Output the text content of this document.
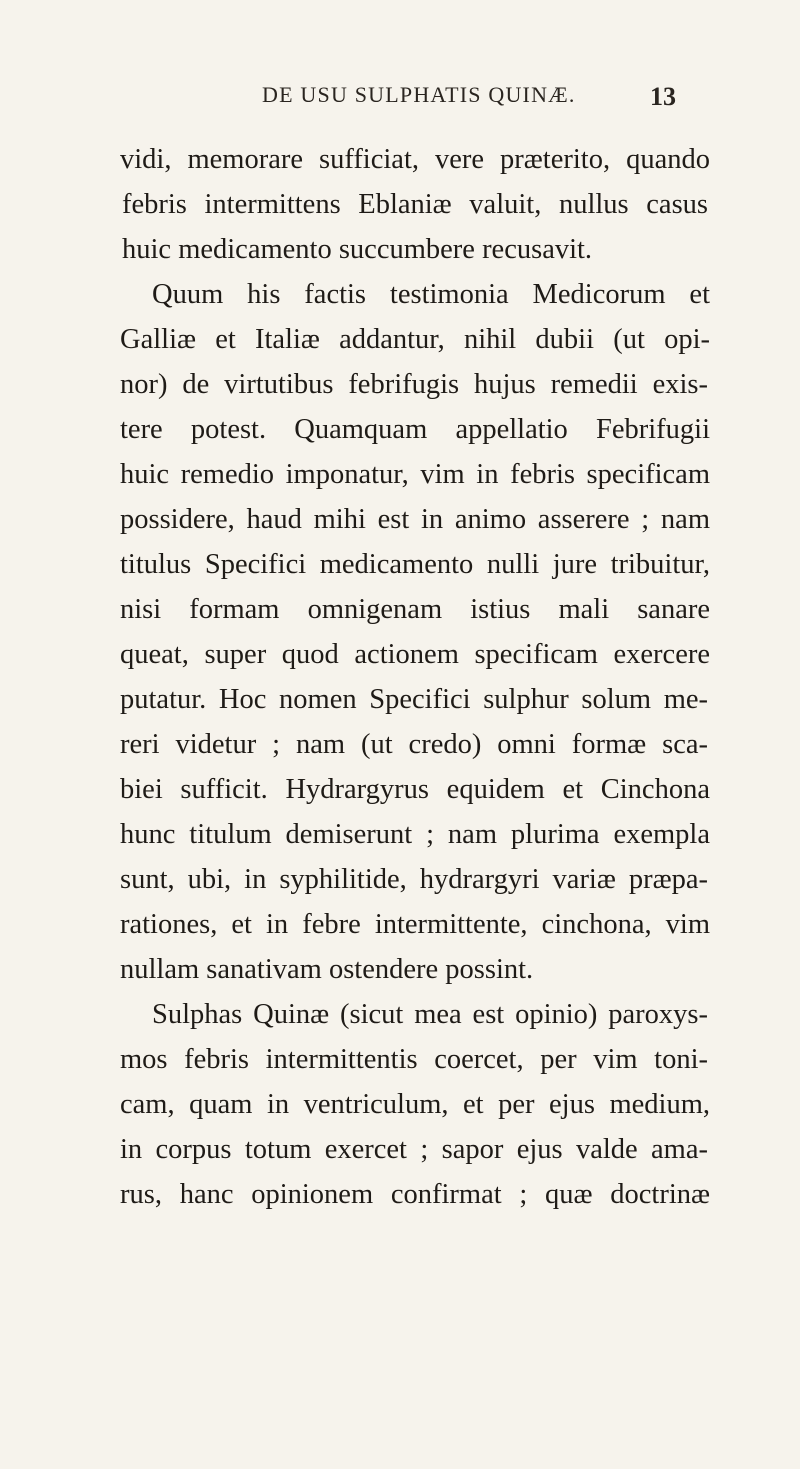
DE USU SULPHATIS QUINÆ.	13
vidi, memorare sufficiat, vere præterito, quando
febris intermittens Eblaniæ valuit, nullus casus
huic medicamento succumbere recusavit.
Quum his factis testimonia Medicorum et
Galliæ et Italiæ addantur, nihil dubii (ut opi-
nor) de virtutibus febrifugis hujus remedii exis-
tere potest. Quamquam appellatio Febrifugii
huic remedio imponatur, vim in febris specificam
possidere, haud mihi est in animo asserere ; nam
titulus Specifici medicamento nulli jure tribuitur,
nisi formam omnigenam istius mali sanare
queat, super quod actionem specificam exercere
putatur. Hoc nomen Specifici sulphur solum me-
reri videtur ; nam (ut credo) omni formæ sca-
biei sufficit. Hydrargyrus equidem et Cinchona
hunc titulum demiserunt ; nam plurima exempla
sunt, ubi, in syphilitide, hydrargyri variæ præpa-
rationes, et in febre intermittente, cinchona, vim
nullam sanativam ostendere possint.
Sulphas Quinæ (sicut mea est opinio) paroxys-
mos febris intermittentis coercet, per vim toni-
cam, quam in ventriculum, et per ejus medium,
in corpus totum exercet ; sapor ejus valde ama-
rus, hanc opinionem confirmat ; quæ doctrinæ
